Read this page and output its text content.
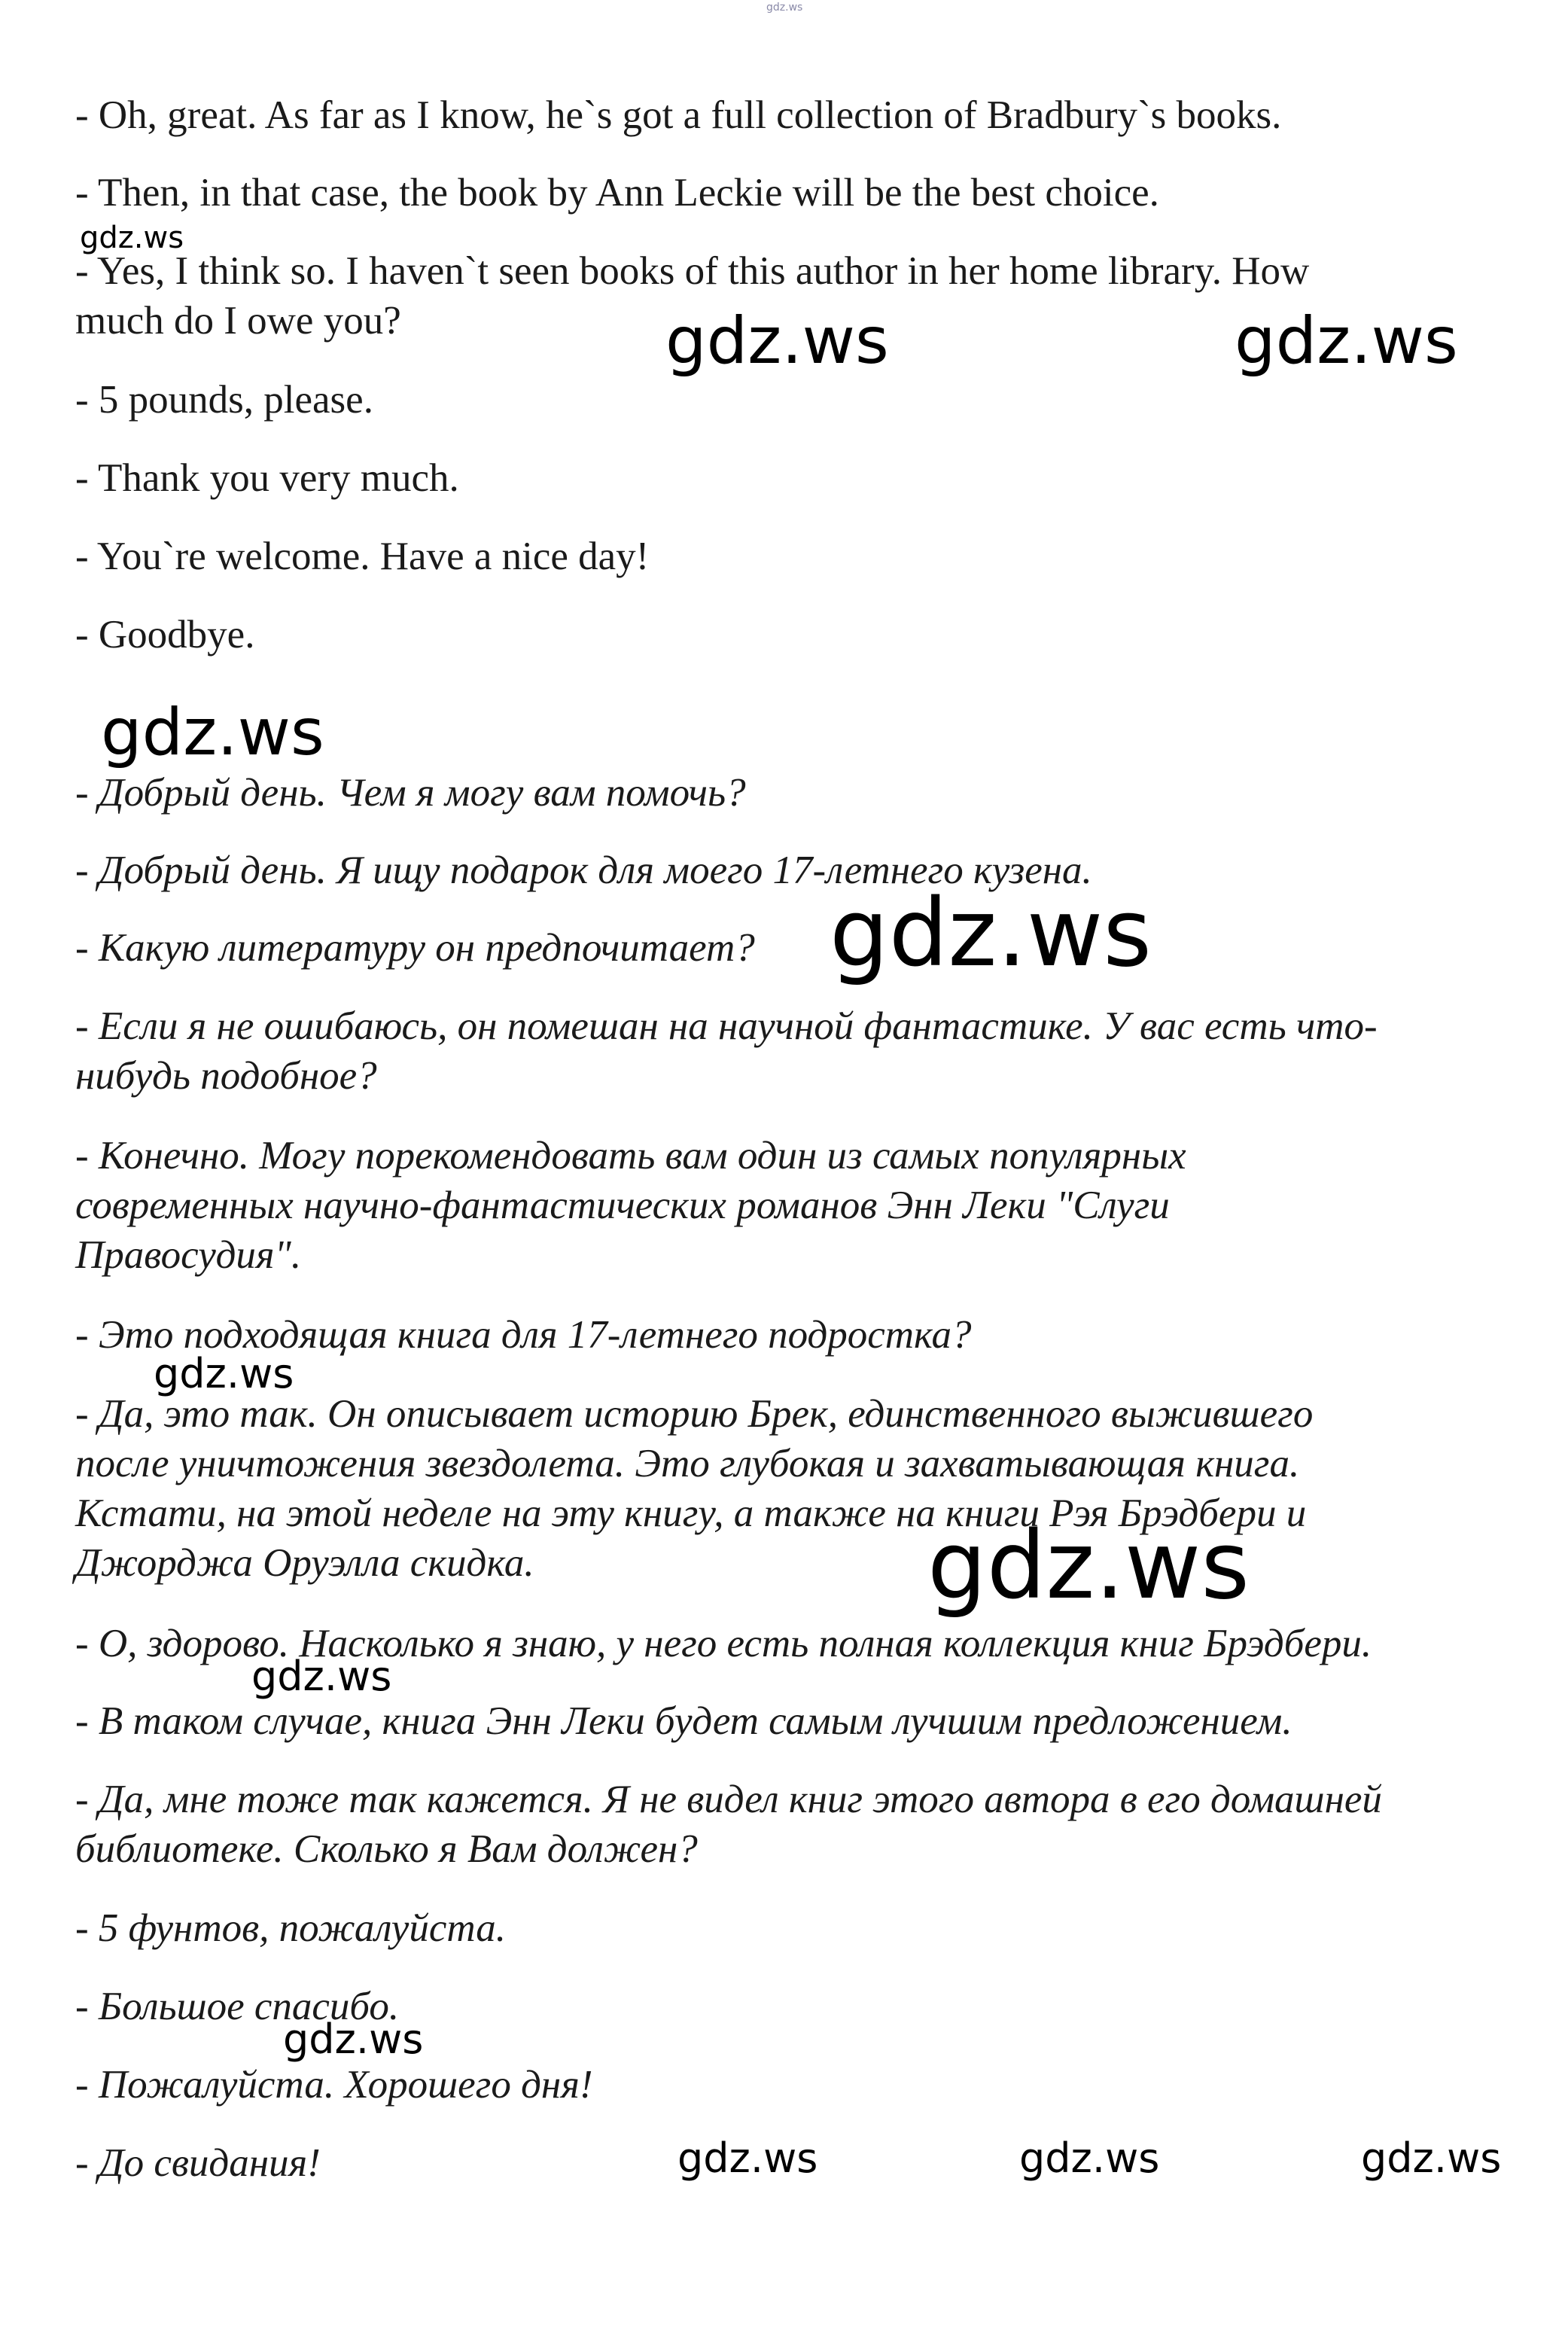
- Oh, great. As far as I know, he`s got a full collection of Bradbury`s books.

- Then, in that case, the book by Ann Leckie will be the best choice.

- Yes, I think so. I haven`t seen books of this author in her home library. How

much do I owe you?

- 5 pounds, please.

- Thank you very much.

- You`re welcome. Have a nice day!

- Goodbye.

- Добрый день. Чем я могу вам помочь?

- Добрый день. Я ищу подарок для моего 17-летнего кузена.

- Какую литературу он предпочитает?

- Если я не ошибаюсь, он помешан на научной фантастике. У вас есть что-

нибудь подобное?

- Конечно. Могу порекомендовать вам один из самых популярных

современных научно-фантастических романов Энн Леки "Слуги

Правосудия".

- Это подходящая книга для 17-летнего подростка?

- Да, это так. Он описывает историю Брек, единственного выжившего

после уничтожения звездолета. Это глубокая и захватывающая книга.

Кстати, на этой неделе на эту книгу, а также на книги Рэя Брэдбери и

Джорджа Оруэлла скидка.

- О, здорово. Насколько я знаю, у него есть полная коллекция книг Брэдбери.

- В таком случае, книга Энн Леки будет самым лучшим предложением.

- Да, мне тоже так кажется. Я не видел книг этого автора в его домашней

библиотеке. Сколько я Вам должен?

- 5 фунтов, пожалуйста.

- Большое спасибо.

- Пожалуйста. Хорошего дня!

- До свидания!

gdz.ws
gdz.ws
gdz.ws	gdz.ws
gdz.ws
gdz.ws
gdz.ws
gdz.ws
gdz.ws
gdz.ws
gdz.ws	gdz.ws	gdz.ws
